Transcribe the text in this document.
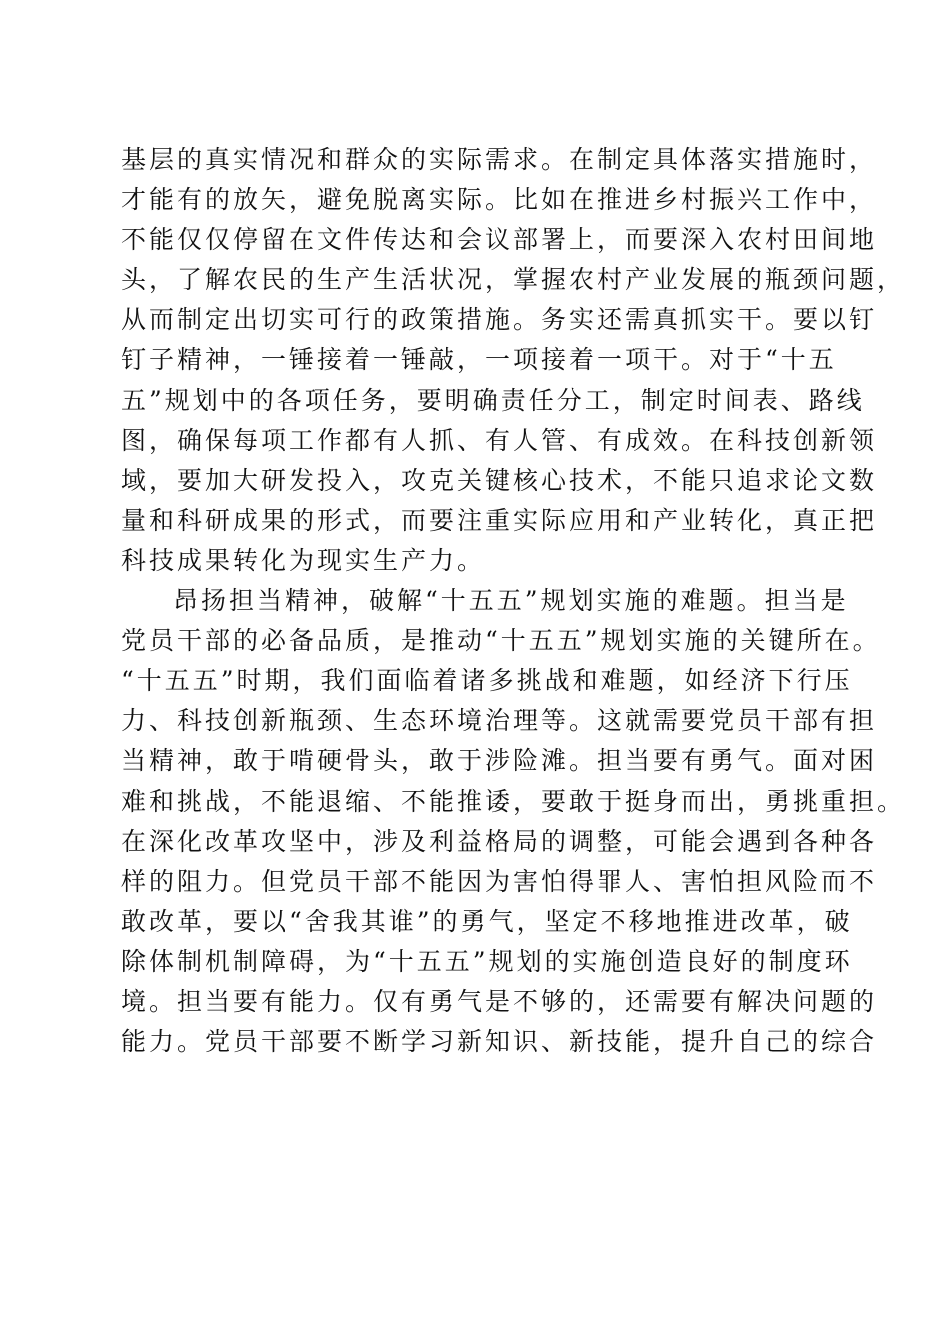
基层的真实情况和群众的实际需求。在制定具体落实措施时，
才能有的放矢，避免脱离实际。比如在推进乡村振兴工作中，
不能仅仅停留在文件传达和会议部署上，而要深入农村田间地
头，了解农民的生产生活状况，掌握农村产业发展的瓶颈问题，
从而制定出切实可行的政策措施。务实还需真抓实干。要以钉
钉子精神，一锤接着一锤敲，一项接着一项干。对于“十五
五”规划中的各项任务，要明确责任分工，制定时间表、路线
图，确保每项工作都有人抓、有人管、有成效。在科技创新领
域，要加大研发投入，攻克关键核心技术，不能只追求论文数
量和科研成果的形式，而要注重实际应用和产业转化，真正把
科技成果转化为现实生产力。
昂扬担当精神，破解“十五五”规划实施的难题。担当是
党员干部的必备品质，是推动“十五五”规划实施的关键所在。
“十五五”时期，我们面临着诸多挑战和难题，如经济下行压
力、科技创新瓶颈、生态环境治理等。这就需要党员干部有担
当精神，敢于啃硬骨头，敢于涉险滩。担当要有勇气。面对困
难和挑战，不能退缩、不能推诿，要敢于挺身而出，勇挑重担。
在深化改革攻坚中，涉及利益格局的调整，可能会遇到各种各
样的阻力。但党员干部不能因为害怕得罪人、害怕担风险而不
敢改革，要以“舍我其谁”的勇气，坚定不移地推进改革，破
除体制机制障碍，为“十五五”规划的实施创造良好的制度环
境。担当要有能力。仅有勇气是不够的，还需要有解决问题的
能力。党员干部要不断学习新知识、新技能，提升自己的综合
